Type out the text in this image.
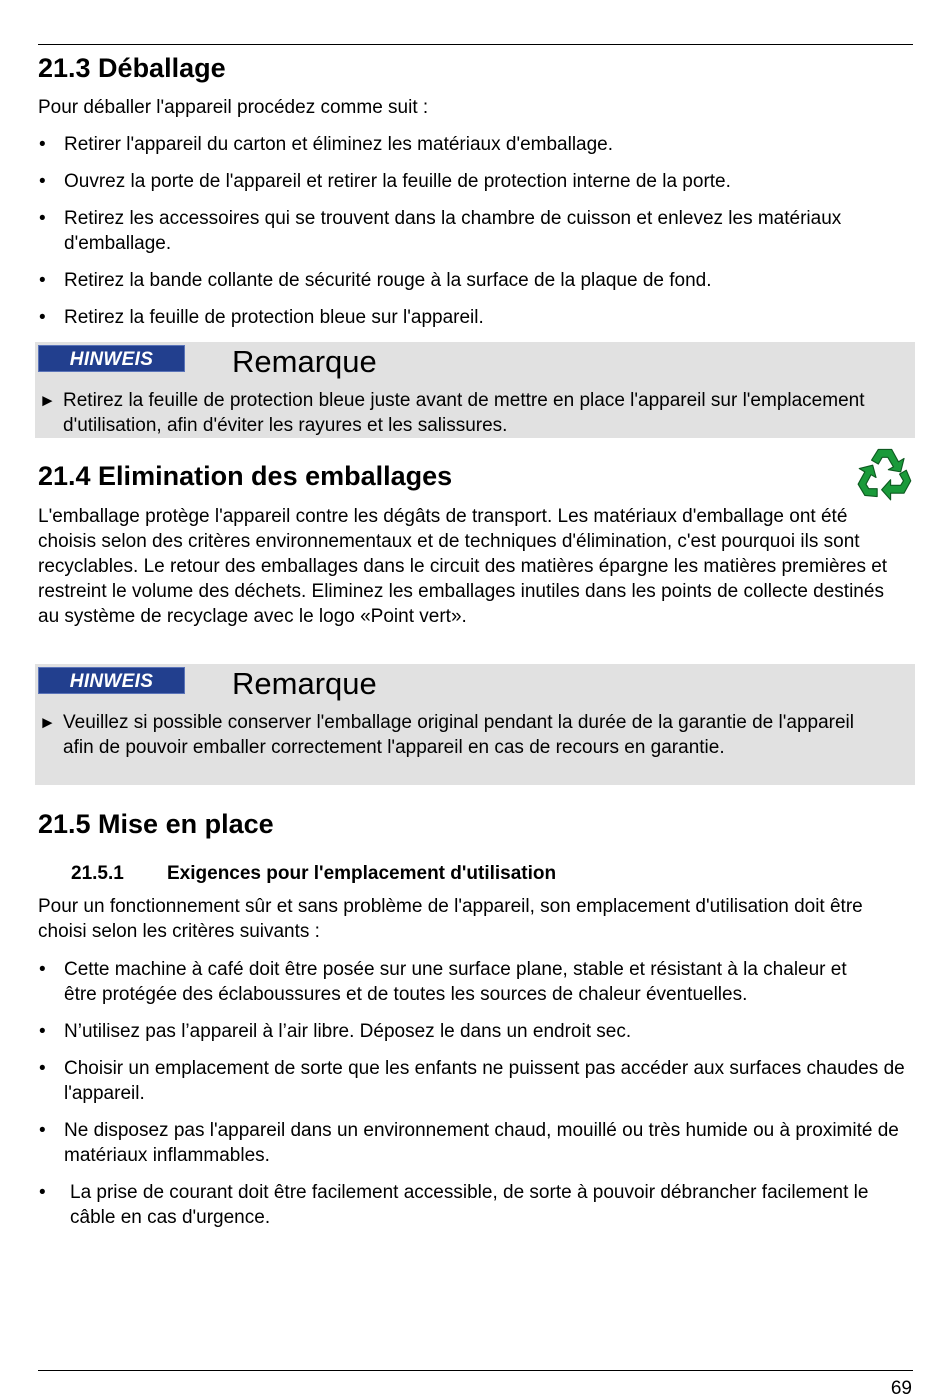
21.3 Déballage

Pour déballer l'appareil procédez comme suit :

• Retirer l'appareil du carton et éliminez les matériaux d'emballage.
• Ouvrez la porte de l'appareil et retirer la feuille de protection interne de la porte.
• Retirez les accessoires qui se trouvent dans la chambre de cuisson et enlevez les matériaux d'emballage.
• Retirez la bande collante de sécurité rouge à la surface de la plaque de fond.
• Retirez la feuille de protection bleue sur l'appareil.
HINWEIS	Remarque
► Retirez la feuille de protection bleue juste avant de mettre en place l'appareil sur l'emplacement d'utilisation, afin d'éviter les rayures et les salissures.
21.4 Elimination des emballages

L'emballage protège l'appareil contre les dégâts de transport. Les matériaux d'emballage ont été choisis selon des critères environnementaux et de techniques d'élimination, c'est pourquoi ils sont recyclables. Le retour des emballages dans le circuit des matières épargne les matières premières et restreint le volume des déchets. Eliminez les emballages inutiles dans les points de collecte destinés au système de recyclage avec le logo «Point vert».

HINWEIS	Remarque
► Veuillez si possible conserver l'emballage original pendant la durée de la garantie de l'appareil afin de pouvoir emballer correctement l'appareil en cas de recours en garantie.
21.5 Mise en place
21.5.1 Exigences pour l'emplacement d'utilisation

Pour un fonctionnement sûr et sans problème de l'appareil, son emplacement d'utilisation doit être choisi selon les critères suivants :

• Cette machine à café doit être posée sur une surface plane, stable et résistant à la chaleur et être protégée des éclaboussures et de toutes les sources de chaleur éventuelles.
• N’utilisez pas l’appareil à l’air libre. Déposez le dans un endroit sec.
• Choisir un emplacement de sorte que les enfants ne puissent pas accéder aux surfaces chaudes de l'appareil.
• Ne disposez pas l'appareil dans un environnement chaud, mouillé ou très humide ou à proximité de matériaux inflammables.
• La prise de courant doit être facilement accessible, de sorte à pouvoir débrancher facilement le câble en cas d'urgence.
69
